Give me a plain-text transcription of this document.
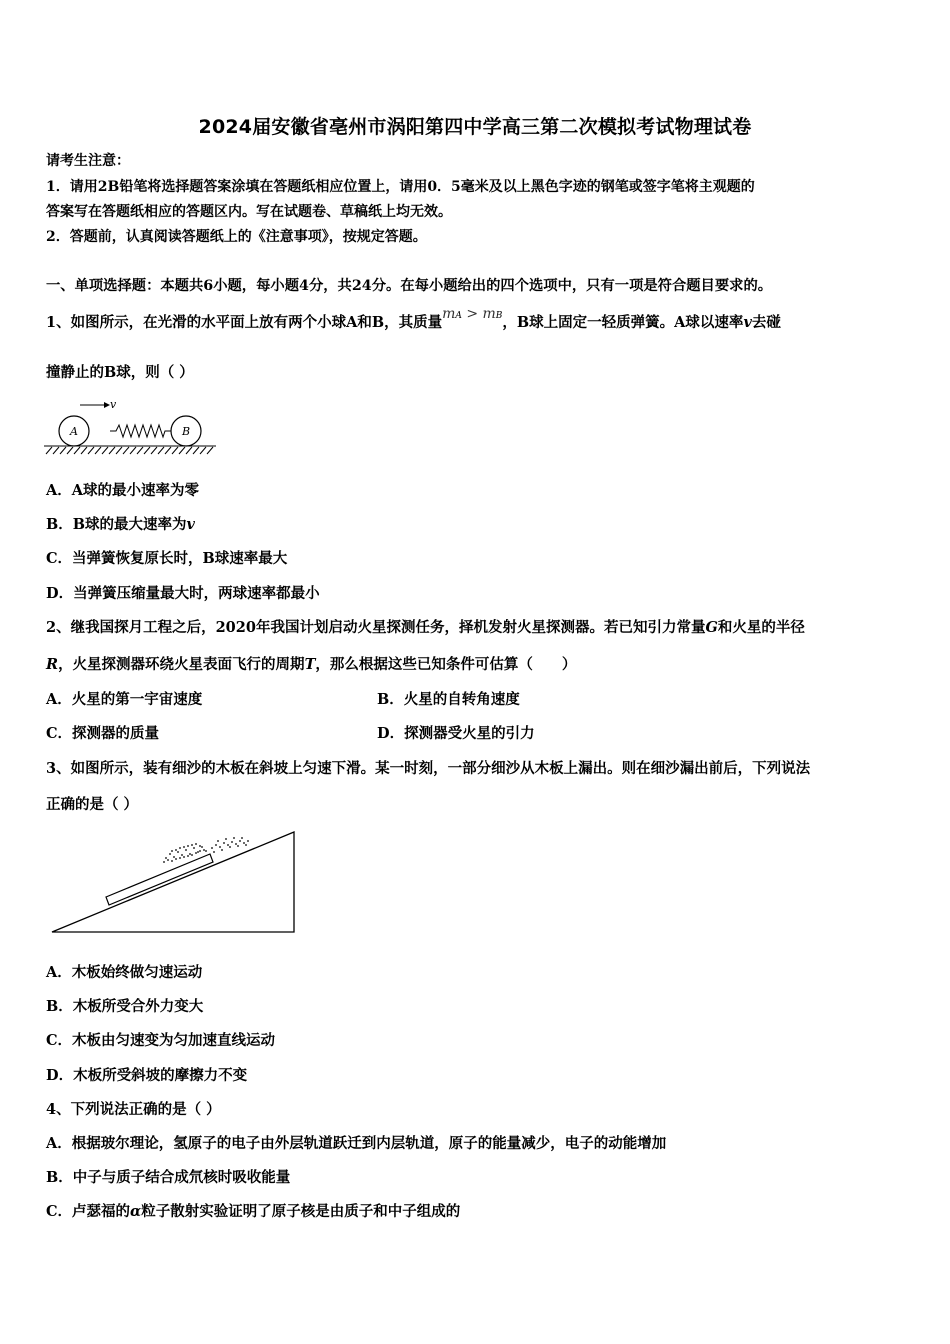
2024届安徽省亳州市涡阳第四中学高三第二次模拟考试物理试卷
请考生注意：
1．请用2B铅笔将选择题答案涂填在答题纸相应位置上，请用0．5毫米及以上黑色字迹的钢笔或签字笔将主观题的
答案写在答题纸相应的答题区内。写在试题卷、草稿纸上均无效。
2．答题前，认真阅读答题纸上的《注意事项》，按规定答题。
一、单项选择题：本题共6小题，每小题4分，共24分。在每小题给出的四个选项中，只有一项是符合题目要求的。
1、如图所示，在光滑的水平面上放有两个小球A和B，其质量mA > mB，B球上固定一轻质弹簧。A球以速率v去碰
撞静止的B球，则（ ）
v
A	B
A．A球的最小速率为零
B．B球的最大速率为v
C．当弹簧恢复原长时，B球速率最大
D．当弹簧压缩量最大时，两球速率都最小
2、继我国探月工程之后，2020年我国计划启动火星探测任务，择机发射火星探测器。若已知引力常量G和火星的半径
R，火星探测器环绕火星表面飞行的周期T，那么根据这些已知条件可估算（　　）
A．火星的第一宇宙速度	B．火星的自转角速度
C．探测器的质量	D．探测器受火星的引力
3、如图所示，装有细沙的木板在斜坡上匀速下滑。某一时刻，一部分细沙从木板上漏出。则在细沙漏出前后，下列说法
正确的是（ ）
A．木板始终做匀速运动
B．木板所受合外力变大
C．木板由匀速变为匀加速直线运动
D．木板所受斜坡的摩擦力不变
4、下列说法正确的是（ ）
A．根据玻尔理论，氢原子的电子由外层轨道跃迁到内层轨道，原子的能量减少，电子的动能增加
B．中子与质子结合成氘核时吸收能量
C．卢瑟福的α粒子散射实验证明了原子核是由质子和中子组成的
